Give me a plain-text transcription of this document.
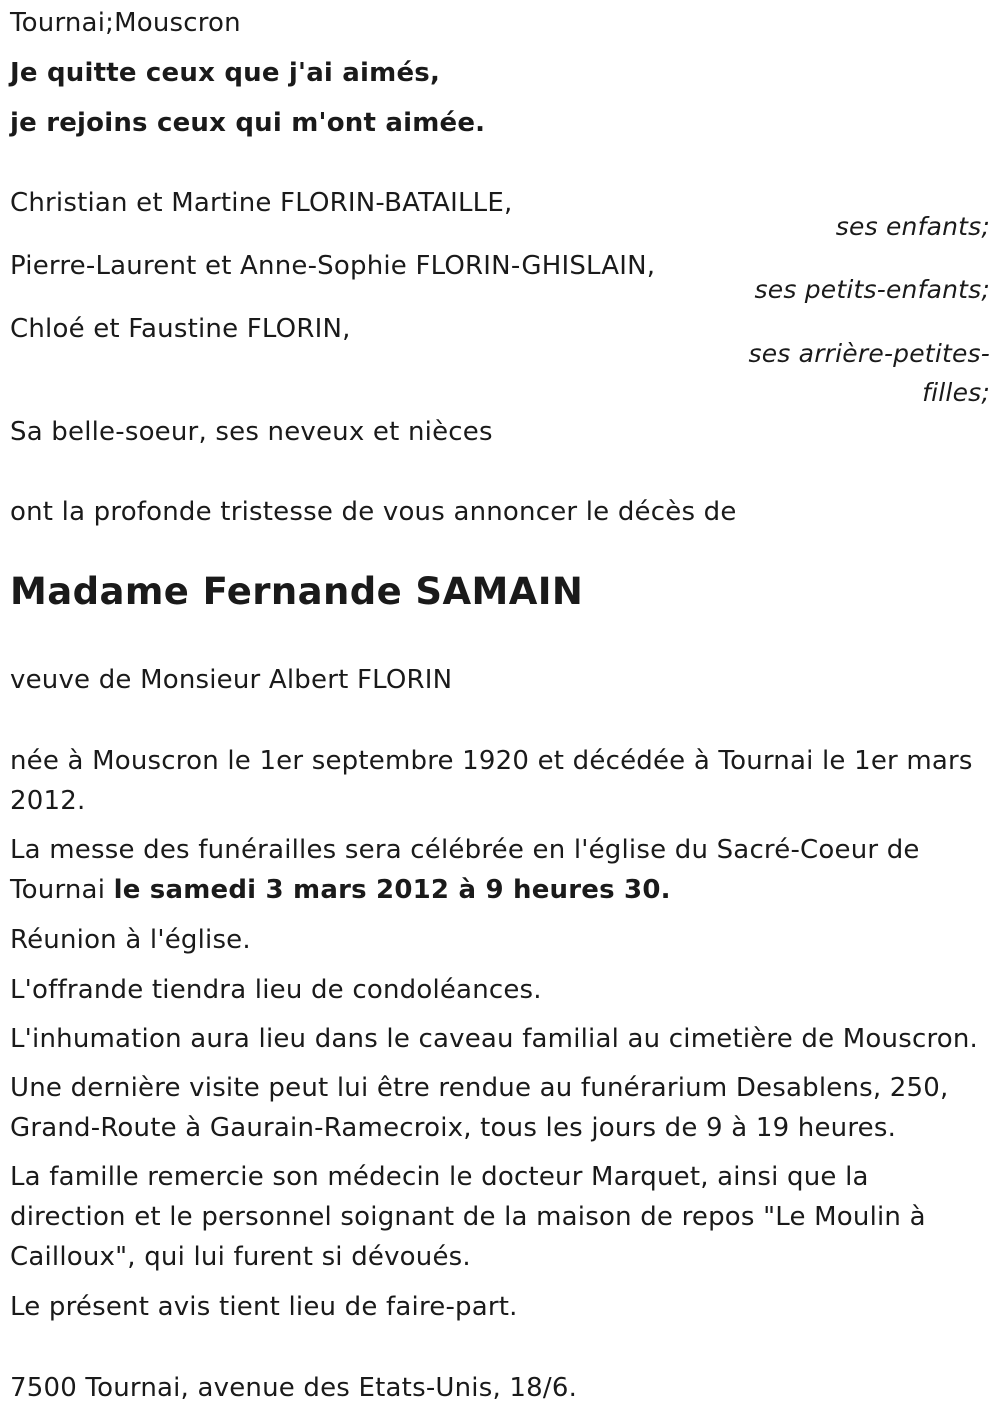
Tournai;Mouscron
Je quitte ceux que j'ai aimés,
je rejoins ceux qui m'ont aimée.
Christian et Martine FLORIN-BATAILLE,
ses enfants;
Pierre-Laurent et Anne-Sophie FLORIN-GHISLAIN,
ses petits-enfants;
Chloé et Faustine FLORIN,
ses arrière-petites-
filles;
Sa belle-soeur, ses neveux et nièces
ont la profonde tristesse de vous annoncer le décès de
Madame Fernande SAMAIN
veuve de Monsieur Albert FLORIN
née à Mouscron le 1er septembre 1920 et décédée à Tournai le 1er mars 2012.
La messe des funérailles sera célébrée en l'église du Sacré-Coeur de Tournai le samedi 3 mars 2012 à 9 heures 30.
Réunion à l'église.
L'offrande tiendra lieu de condoléances.
L'inhumation aura lieu dans le caveau familial au cimetière de Mouscron.
Une dernière visite peut lui être rendue au funérarium Desablens, 250, Grand-Route à Gaurain-Ramecroix, tous les jours de 9 à 19 heures.
La famille remercie son médecin le docteur Marquet, ainsi que la direction et le personnel soignant de la maison de repos "Le Moulin à Cailloux", qui lui furent si dévoués.
Le présent avis tient lieu de faire-part.
7500 Tournai, avenue des Etats-Unis, 18/6.
